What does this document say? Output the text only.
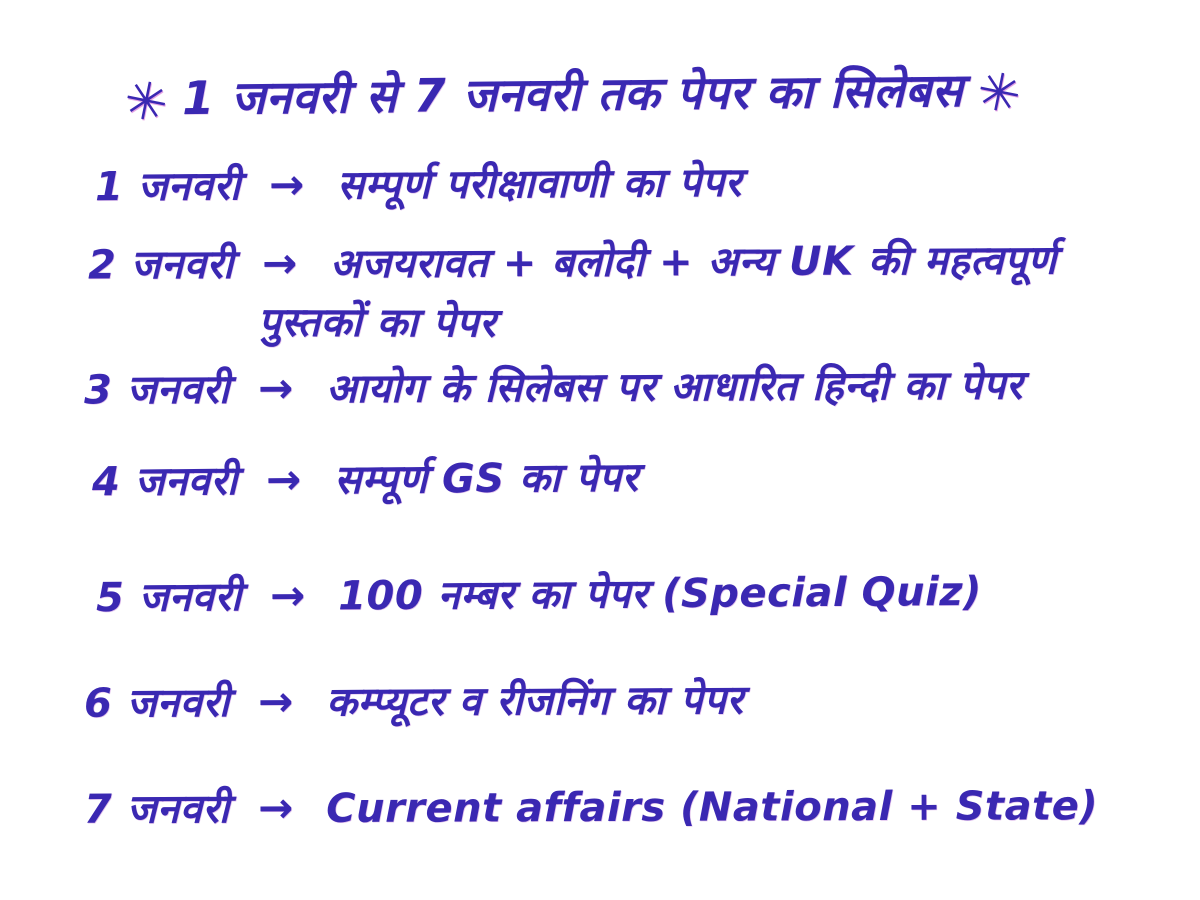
✳ 1 जनवरी से 7 जनवरी तक पेपर का सिलेबस ✳
1 जनवरी → सम्पूर्ण परीक्षावाणी का पेपर
2 जनवरी → अजयरावत + बलोदी + अन्य UK की महत्वपूर्ण
पुस्तकों का पेपर
3 जनवरी → आयोग के सिलेबस पर आधारित हिन्दी का पेपर
4 जनवरी → सम्पूर्ण GS का पेपर
5 जनवरी → 100 नम्बर का पेपर (Special Quiz)
6 जनवरी → कम्प्यूटर व रीजनिंग का पेपर
7 जनवरी → Current affairs (National + State)
